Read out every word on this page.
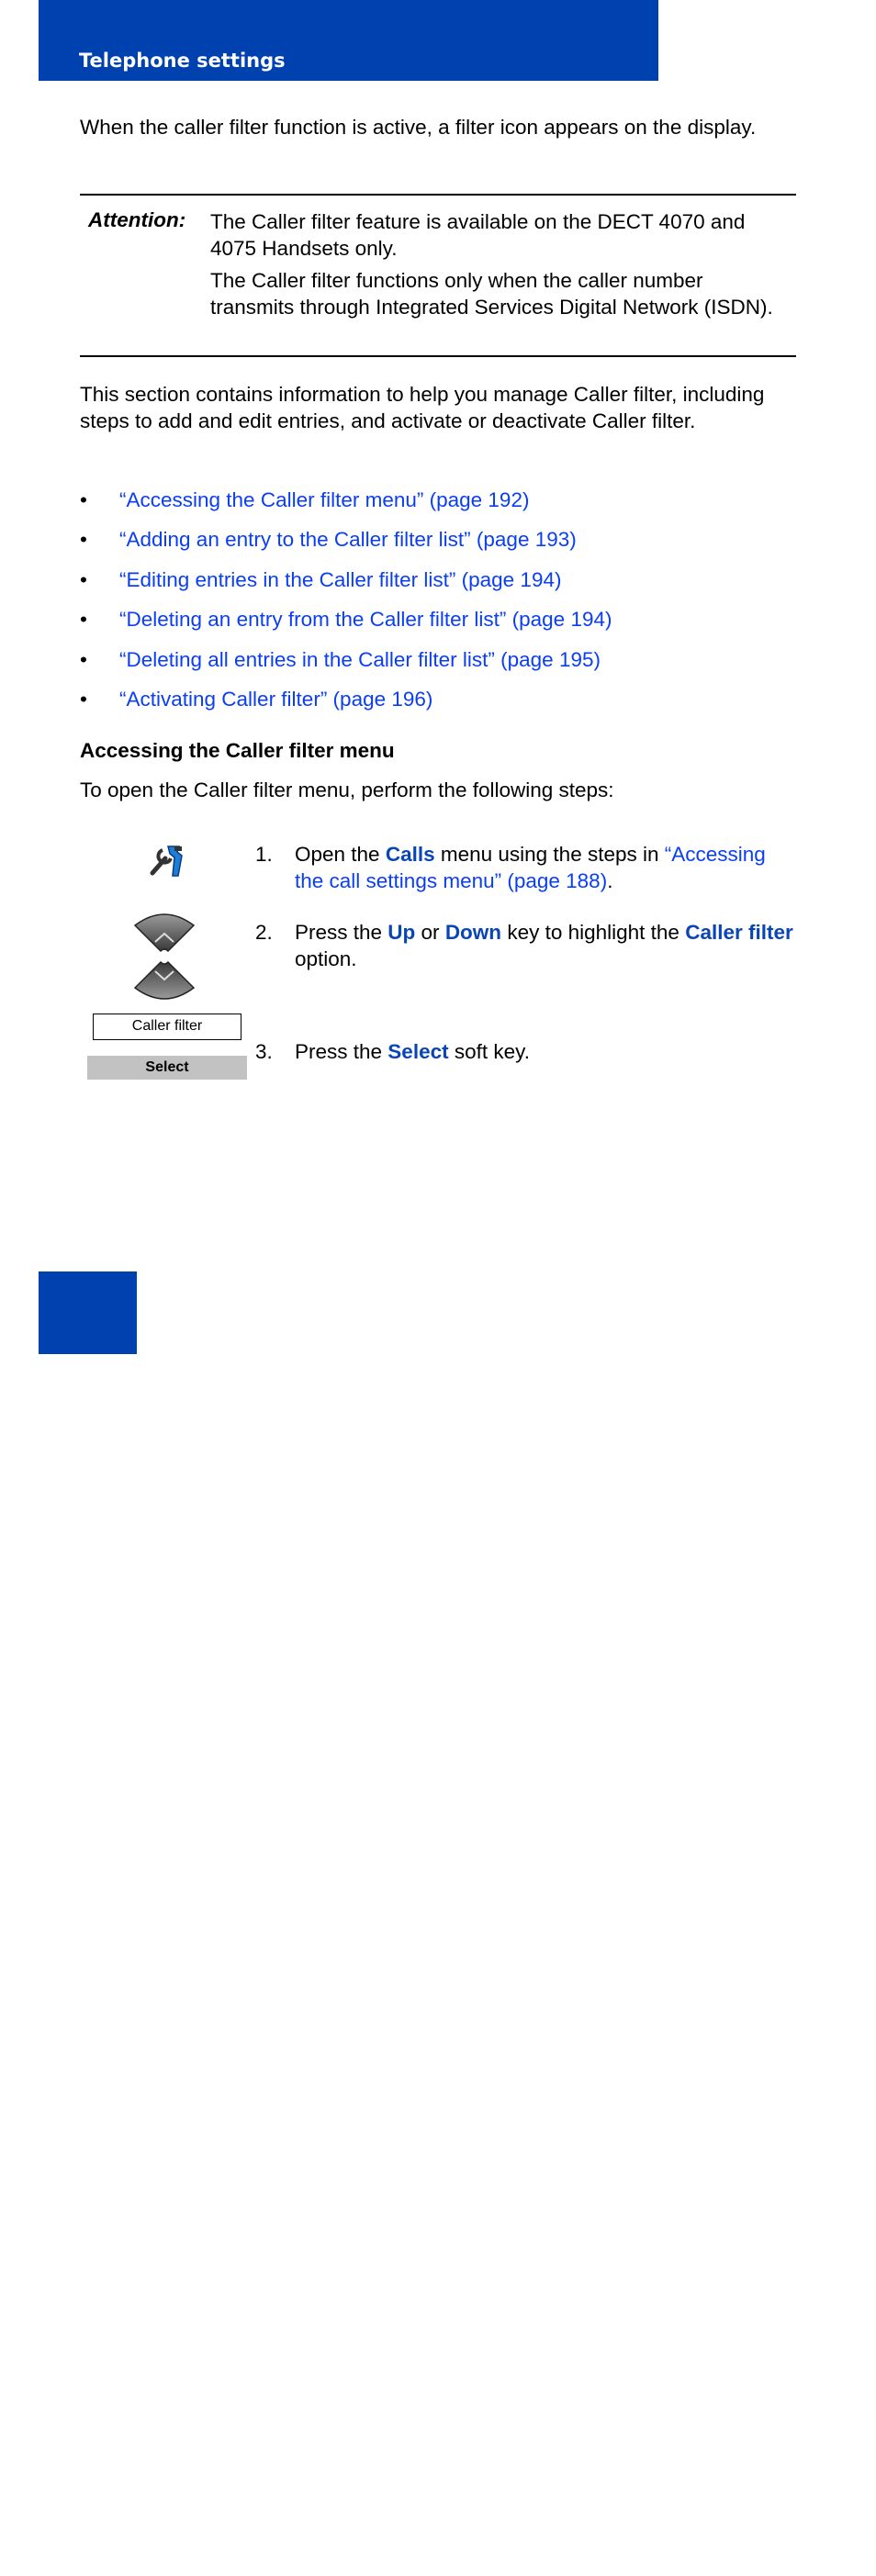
Telephone settings

When the caller filter function is active, a filter icon appears on the display.

Attention: The Caller filter feature is available on the DECT 4070 and 4075 Handsets only.

The Caller filter functions only when the caller number transmits through Integrated Services Digital Network (ISDN).

This section contains information to help you manage Caller filter, including steps to add and edit entries, and activate or deactivate Caller filter.

• “Accessing the Caller filter menu” (page 192)
• “Adding an entry to the Caller filter list” (page 193)
• “Editing entries in the Caller filter list” (page 194)
• “Deleting an entry from the Caller filter list” (page 194)
• “Deleting all entries in the Caller filter list” (page 195)
• “Activating Caller filter” (page 196)
Accessing the Caller filter menu

To open the Caller filter menu, perform the following steps:

Caller filter
Select
1. Open the Calls menu using the steps in “Accessing the call settings menu” (page 188).
2. Press the Up or Down key to highlight the Caller filter option.
3. Press the Select soft key.
192
